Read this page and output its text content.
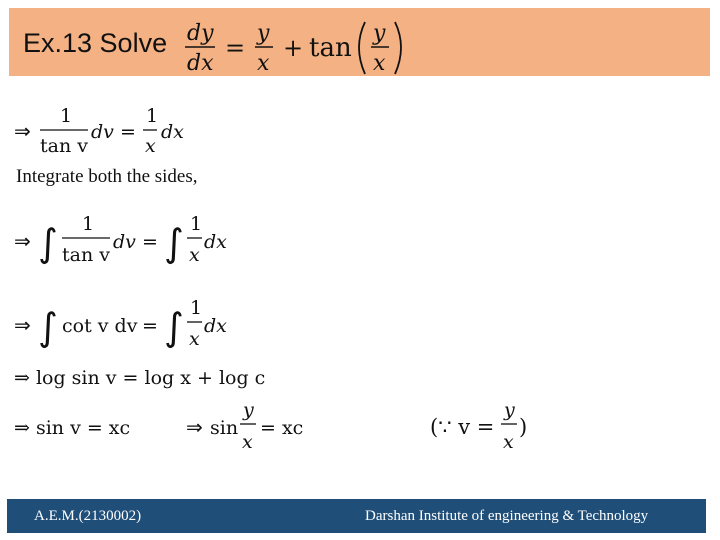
Ex.13 Solve dy
dx
=
y
x
+ tan y
x
⇒
1
tan v
dv =
1
x
dx
Integrate both the sides,
⇒ ∫ 1
tan v
dv = ∫ 1
x
dx
⇒ ∫ cot v dv = ∫ 1
x
dx
⇒ log sin v = log x + log c
⇒ sin v = xc	⇒ sin
y
x
= xc	(∵ v =
y
x
)
A.E.M.(2130002)	Darshan Institute of engineering & Technology	25
